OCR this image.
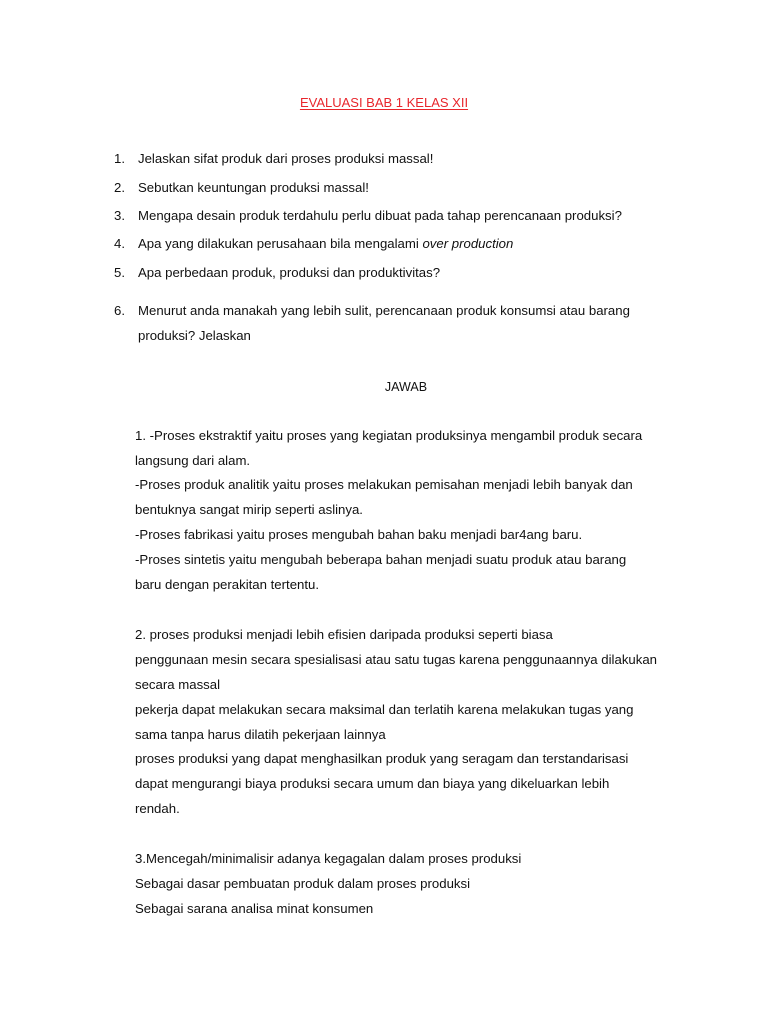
EVALUASI BAB 1 KELAS XII
1. Jelaskan sifat produk dari proses produksi massal!
2. Sebutkan keuntungan produksi massal!
3. Mengapa desain produk terdahulu perlu dibuat pada tahap perencanaan produksi?
4. Apa yang dilakukan perusahaan bila mengalami over production
5. Apa perbedaan produk, produksi dan produktivitas?
6. Menurut anda manakah yang lebih sulit, perencanaan produk konsumsi atau barang produksi? Jelaskan
JAWAB
1. -Proses ekstraktif yaitu proses yang kegiatan produksinya mengambil produk secara
langsung dari alam.
-Proses produk analitik yaitu proses melakukan pemisahan menjadi lebih banyak dan
bentuknya sangat mirip seperti aslinya.
-Proses fabrikasi yaitu proses mengubah bahan baku menjadi bar4ang baru.
-Proses sintetis yaitu mengubah beberapa bahan menjadi suatu produk atau barang
baru dengan perakitan tertentu.
2. proses produksi menjadi lebih efisien daripada produksi seperti biasa
penggunaan mesin secara spesialisasi atau satu tugas karena penggunaannya dilakukan
secara massal
pekerja dapat melakukan secara maksimal dan terlatih karena melakukan tugas yang
sama tanpa harus dilatih pekerjaan lainnya
proses produksi yang dapat menghasilkan produk yang seragam dan terstandarisasi
dapat mengurangi biaya produksi secara umum dan biaya yang dikeluarkan lebih
rendah.
3.Mencegah/minimalisir adanya kegagalan dalam proses produksi
Sebagai dasar pembuatan produk dalam proses produksi
Sebagai sarana analisa minat konsumen
